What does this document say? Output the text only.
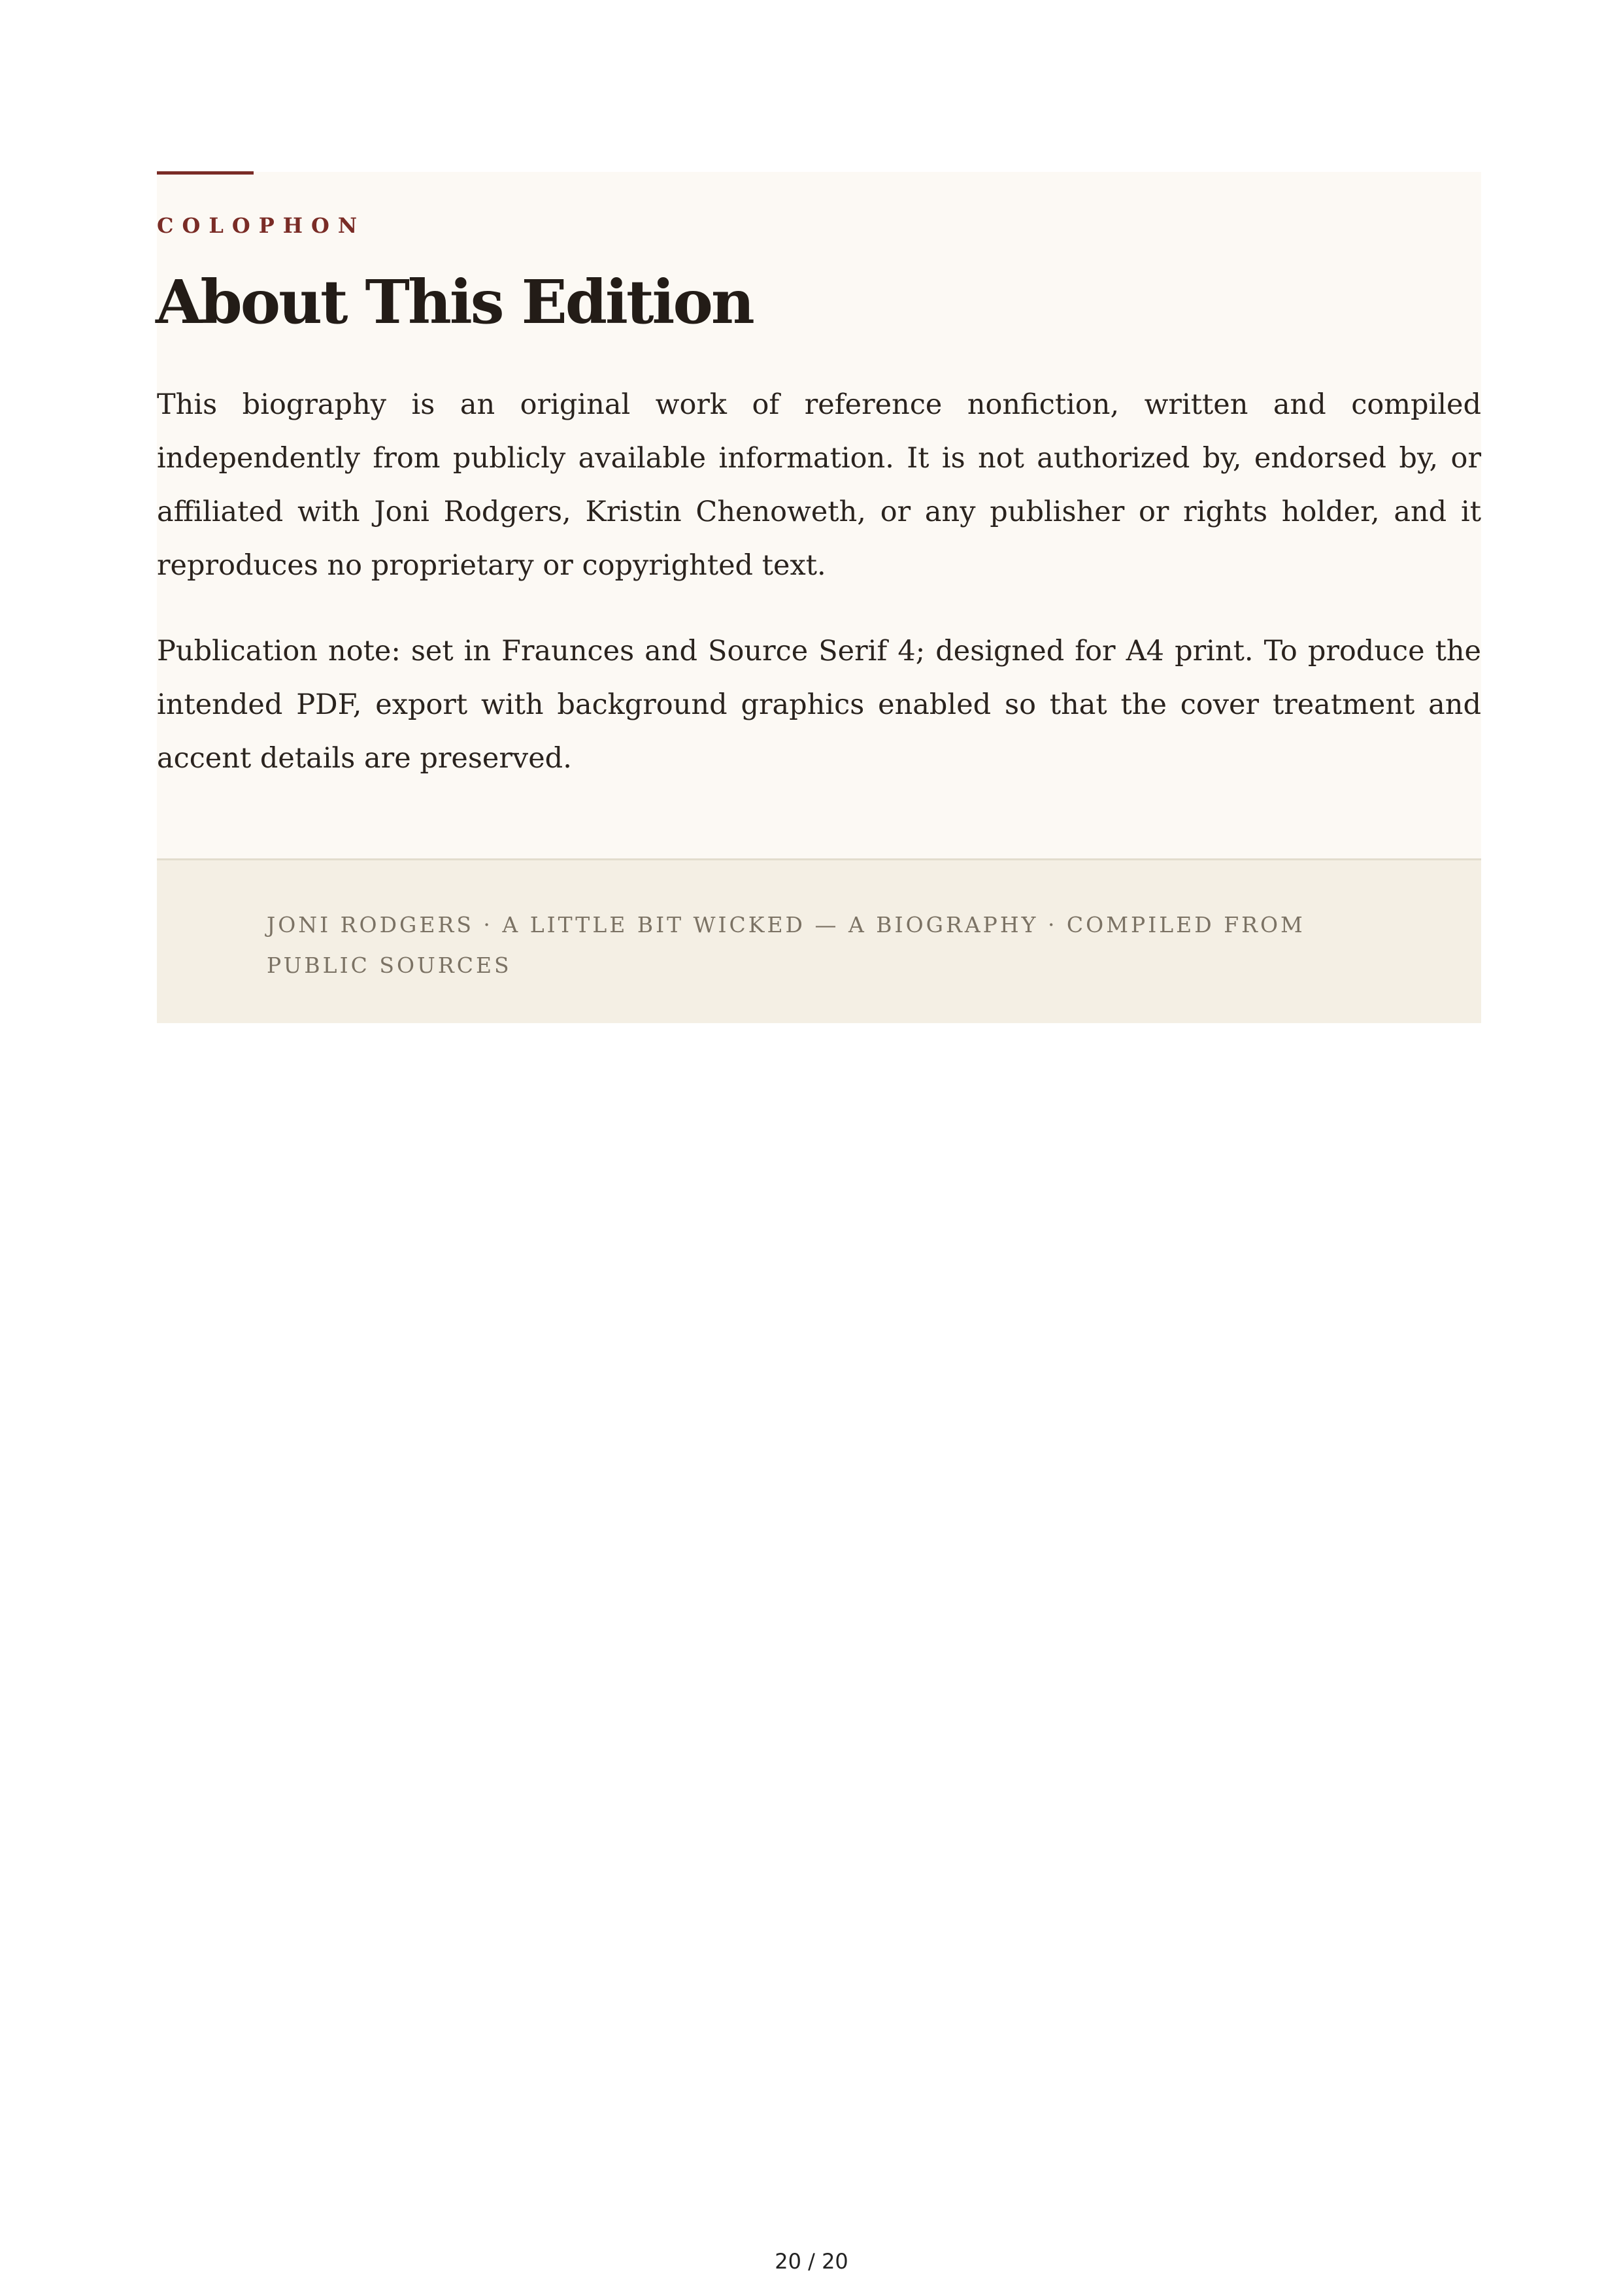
COLOPHON
About This Edition

This biography is an original work of reference nonfiction, written and compiled independently from publicly available information. It is not authorized by, endorsed by, or affiliated with Joni Rodgers, Kristin Chenoweth, or any publisher or rights holder, and it reproduces no proprietary or copyrighted text.

Publication note: set in Fraunces and Source Serif 4; designed for A4 print. To produce the intended PDF, export with background graphics enabled so that the cover treatment and accent details are preserved.

JONI RODGERS · A LITTLE BIT WICKED — A BIOGRAPHY · COMPILED FROM PUBLIC SOURCES

20 / 20
